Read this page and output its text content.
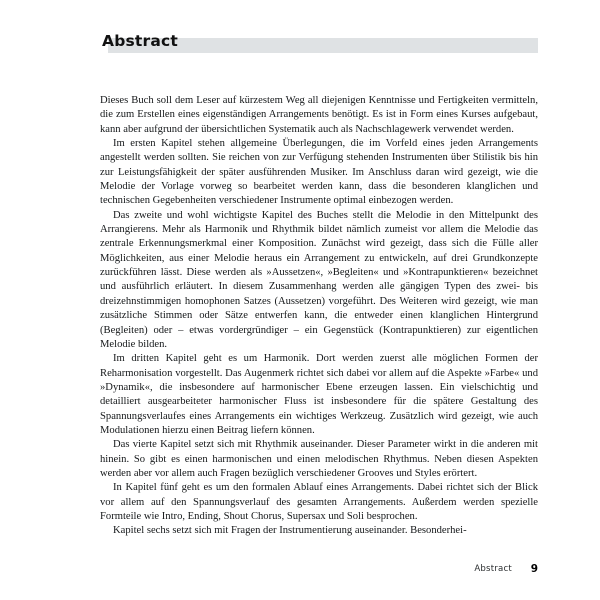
Abstract

Dieses Buch soll dem Leser auf kürzestem Weg all diejenigen Kenntnisse und Fertigkeiten vermitteln, die zum Erstellen eines eigenständigen Arrangements benötigt. Es ist in Form eines Kurses aufgebaut, kann aber aufgrund der übersichtlichen Systematik auch als Nachschlagewerk verwendet werden.

Im ersten Kapitel stehen allgemeine Überlegungen, die im Vorfeld eines jeden Arrangements angestellt werden sollten. Sie reichen von zur Verfügung stehenden Instrumenten über Stilistik bis hin zur Leistungsfähigkeit der später ausführenden Musiker. Im Anschluss daran wird gezeigt, wie die Melodie der Vorlage vorweg so bearbeitet werden kann, dass die besonderen klanglichen und technischen Gegebenheiten verschiedener Instrumente optimal einbezogen werden.

Das zweite und wohl wichtigste Kapitel des Buches stellt die Melodie in den Mittelpunkt des Arrangierens. Mehr als Harmonik und Rhythmik bildet nämlich zumeist vor allem die Melodie das zentrale Erkennungsmerkmal einer Komposition. Zunächst wird gezeigt, dass sich die Fülle aller Möglichkeiten, aus einer Melodie heraus ein Arrangement zu entwickeln, auf drei Grundkonzepte zurückführen lässt. Diese werden als »Aussetzen«, »Begleiten« und »Kontrapunktieren« bezeichnet und ausführlich erläutert. In diesem Zusammenhang werden alle gängigen Typen des zwei- bis dreizehnstimmigen homophonen Satzes (Aussetzen) vorgeführt. Des Weiteren wird gezeigt, wie man zusätzliche Stimmen oder Sätze entwerfen kann, die entweder einen klanglichen Hintergrund (Begleiten) oder – etwas vordergründiger – ein Gegenstück (Kontrapunktieren) zur eigentlichen Melodie bilden.

Im dritten Kapitel geht es um Harmonik. Dort werden zuerst alle möglichen Formen der Reharmonisation vorgestellt. Das Augenmerk richtet sich dabei vor allem auf die Aspekte »Farbe« und »Dynamik«, die insbesondere auf harmonischer Ebene erzeugen lassen. Ein vielschichtig und detailliert ausgearbeiteter harmonischer Fluss ist insbesondere für die spätere Gestaltung des Spannungsverlaufes eines Arrangements ein wichtiges Werkzeug. Zusätzlich wird gezeigt, wie auch Modulationen hierzu einen Beitrag liefern können.

Das vierte Kapitel setzt sich mit Rhythmik auseinander. Dieser Parameter wirkt in die anderen mit hinein. So gibt es einen harmonischen und einen melodischen Rhythmus. Neben diesen Aspekten werden aber vor allem auch Fragen bezüglich verschiedener Grooves und Styles erörtert.

In Kapitel fünf geht es um den formalen Ablauf eines Arrangements. Dabei richtet sich der Blick vor allem auf den Spannungsverlauf des gesamten Arrangements. Außerdem werden spezielle Formteile wie Intro, Ending, Shout Chorus, Supersax und Soli besprochen.

Kapitel sechs setzt sich mit Fragen der Instrumentierung auseinander. Besonderhei-

Abstract 9
